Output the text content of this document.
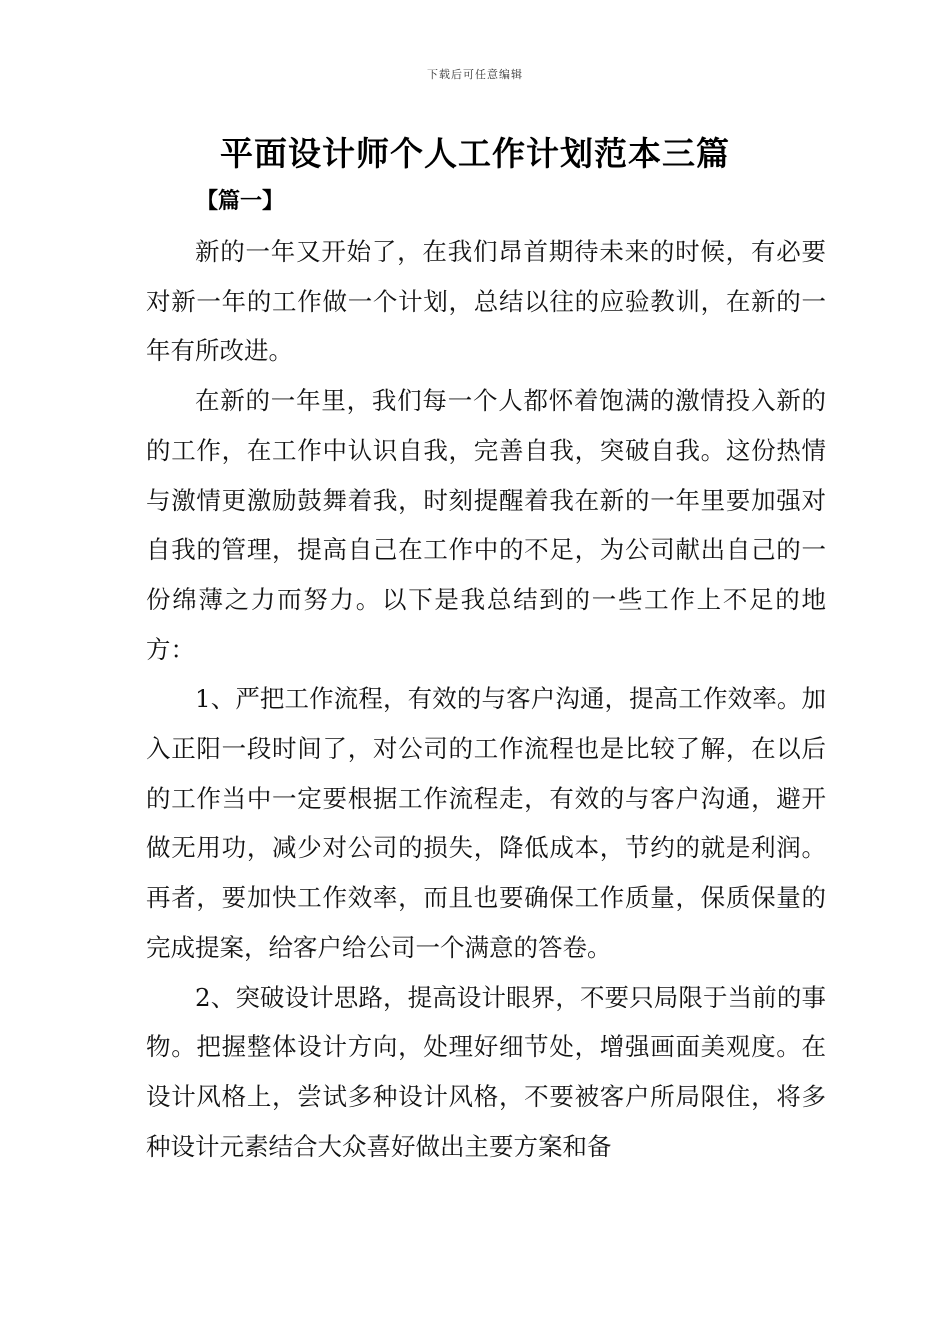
下载后可任意编辑
平面设计师个人工作计划范本三篇
【篇一】

新的一年又开始了，在我们昂首期待未来的时候，有必要对新一年的工作做一个计划，总结以往的应验教训，在新的一年有所改进。

在新的一年里，我们每一个人都怀着饱满的激情投入新的的工作，在工作中认识自我，完善自我，突破自我。这份热情与激情更激励鼓舞着我，时刻提醒着我在新的一年里要加强对自我的管理，提高自己在工作中的不足，为公司献出自己的一份绵薄之力而努力。以下是我总结到的一些工作上不足的地方：

1、严把工作流程，有效的与客户沟通，提高工作效率。加入正阳一段时间了，对公司的工作流程也是比较了解，在以后的工作当中一定要根据工作流程走，有效的与客户沟通，避开做无用功，减少对公司的损失，降低成本，节约的就是利润。再者，要加快工作效率，而且也要确保工作质量，保质保量的完成提案，给客户给公司一个满意的答卷。

2、突破设计思路，提高设计眼界，不要只局限于当前的事物。把握整体设计方向，处理好细节处，增强画面美观度。在设计风格上，尝试多种设计风格，不要被客户所局限住，将多种设计元素结合大众喜好做出主要方案和备
